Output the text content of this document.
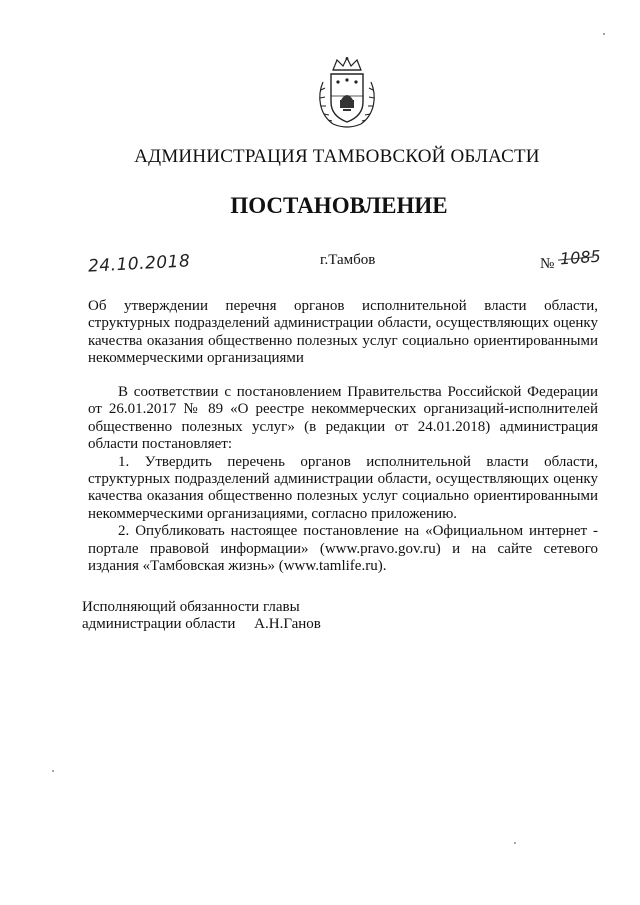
АДМИНИСТРАЦИЯ ТАМБОВСКОЙ ОБЛАСТИ
ПОСТАНОВЛЕНИЕ
24.10.2018	г.Тамбов	№ 1085

Об утверждении перечня органов исполнительной власти области, структурных подразделений администрации области, осуществляющих оценку качества оказания общественно полезных услуг социально ориентированными некоммерческими организациями

В соответствии с постановлением Правительства Российской Федерации от 26.01.2017 № 89 «О реестре некоммерческих организаций-исполнителей общественно полезных услуг» (в редакции от 24.01.2018) администрация области постановляет:

1. Утвердить перечень органов исполнительной власти области, структурных подразделений администрации области, осуществляющих оценку качества оказания общественно полезных услуг социально ориентированными некоммерческими организациями, согласно приложению.

2. Опубликовать настоящее постановление на «Официальном интернет - портале правовой информации» (www.pravo.gov.ru) и на сайте сетевого издания «Тамбовская жизнь» (www.tamlife.ru).

Исполняющий обязанности главы
администрации области А.Н.Ганов
